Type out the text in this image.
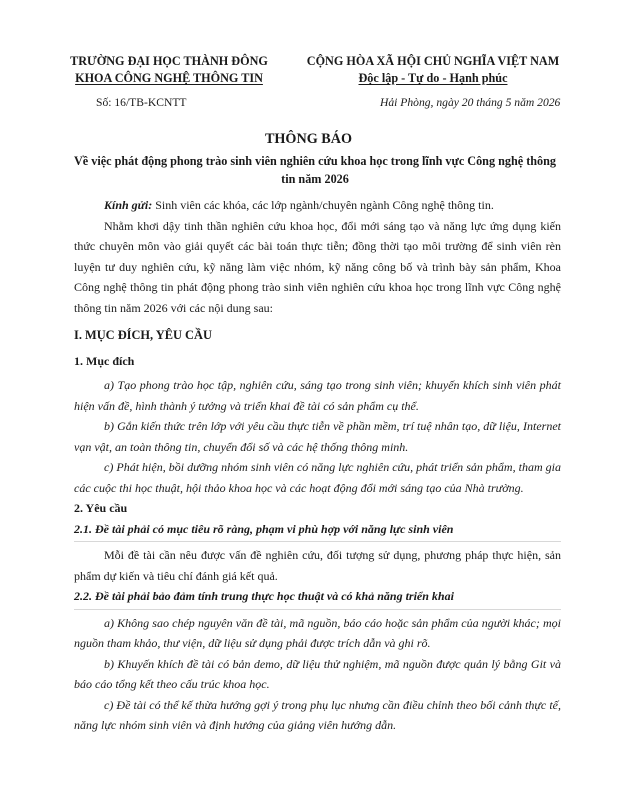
TRƯỜNG ĐẠI HỌC THÀNH ĐÔNG
KHOA CÔNG NGHỆ THÔNG TIN
CỘNG HÒA XÃ HỘI CHỦ NGHĨA VIỆT NAM
Độc lập - Tự do - Hạnh phúc
Số: 16/TB-KCNTT	Hải Phòng, ngày 20 tháng 5 năm 2026
THÔNG BÁO
Về việc phát động phong trào sinh viên nghiên cứu khoa học trong lĩnh vực Công nghệ thông tin năm 2026

Kính gửi: Sinh viên các khóa, các lớp ngành/chuyên ngành Công nghệ thông tin.

Nhằm khơi dậy tinh thần nghiên cứu khoa học, đổi mới sáng tạo và năng lực ứng dụng kiến thức chuyên môn vào giải quyết các bài toán thực tiễn; đồng thời tạo môi trường để sinh viên rèn luyện tư duy nghiên cứu, kỹ năng làm việc nhóm, kỹ năng công bố và trình bày sản phẩm, Khoa Công nghệ thông tin phát động phong trào sinh viên nghiên cứu khoa học trong lĩnh vực Công nghệ thông tin năm 2026 với các nội dung sau:

I. MỤC ĐÍCH, YÊU CẦU
1. Mục đích

a) Tạo phong trào học tập, nghiên cứu, sáng tạo trong sinh viên; khuyến khích sinh viên phát hiện vấn đề, hình thành ý tưởng và triển khai đề tài có sản phẩm cụ thể.

b) Gắn kiến thức trên lớp với yêu cầu thực tiễn về phần mềm, trí tuệ nhân tạo, dữ liệu, Internet vạn vật, an toàn thông tin, chuyển đổi số và các hệ thống thông minh.

c) Phát hiện, bồi dưỡng nhóm sinh viên có năng lực nghiên cứu, phát triển sản phẩm, tham gia các cuộc thi học thuật, hội thảo khoa học và các hoạt động đổi mới sáng tạo của Nhà trường.

2. Yêu cầu
2.1. Đề tài phải có mục tiêu rõ ràng, phạm vi phù hợp với năng lực sinh viên

Mỗi đề tài cần nêu được vấn đề nghiên cứu, đối tượng sử dụng, phương pháp thực hiện, sản phẩm dự kiến và tiêu chí đánh giá kết quả.

2.2. Đề tài phải bảo đảm tính trung thực học thuật và có khả năng triển khai

a) Không sao chép nguyên văn đề tài, mã nguồn, báo cáo hoặc sản phẩm của người khác; mọi nguồn tham khảo, thư viện, dữ liệu sử dụng phải được trích dẫn và ghi rõ.

b) Khuyến khích đề tài có bản demo, dữ liệu thử nghiệm, mã nguồn được quản lý bằng Git và báo cáo tổng kết theo cấu trúc khoa học.

c) Đề tài có thể kế thừa hướng gợi ý trong phụ lục nhưng cần điều chỉnh theo bối cảnh thực tế, năng lực nhóm sinh viên và định hướng của giảng viên hướng dẫn.
